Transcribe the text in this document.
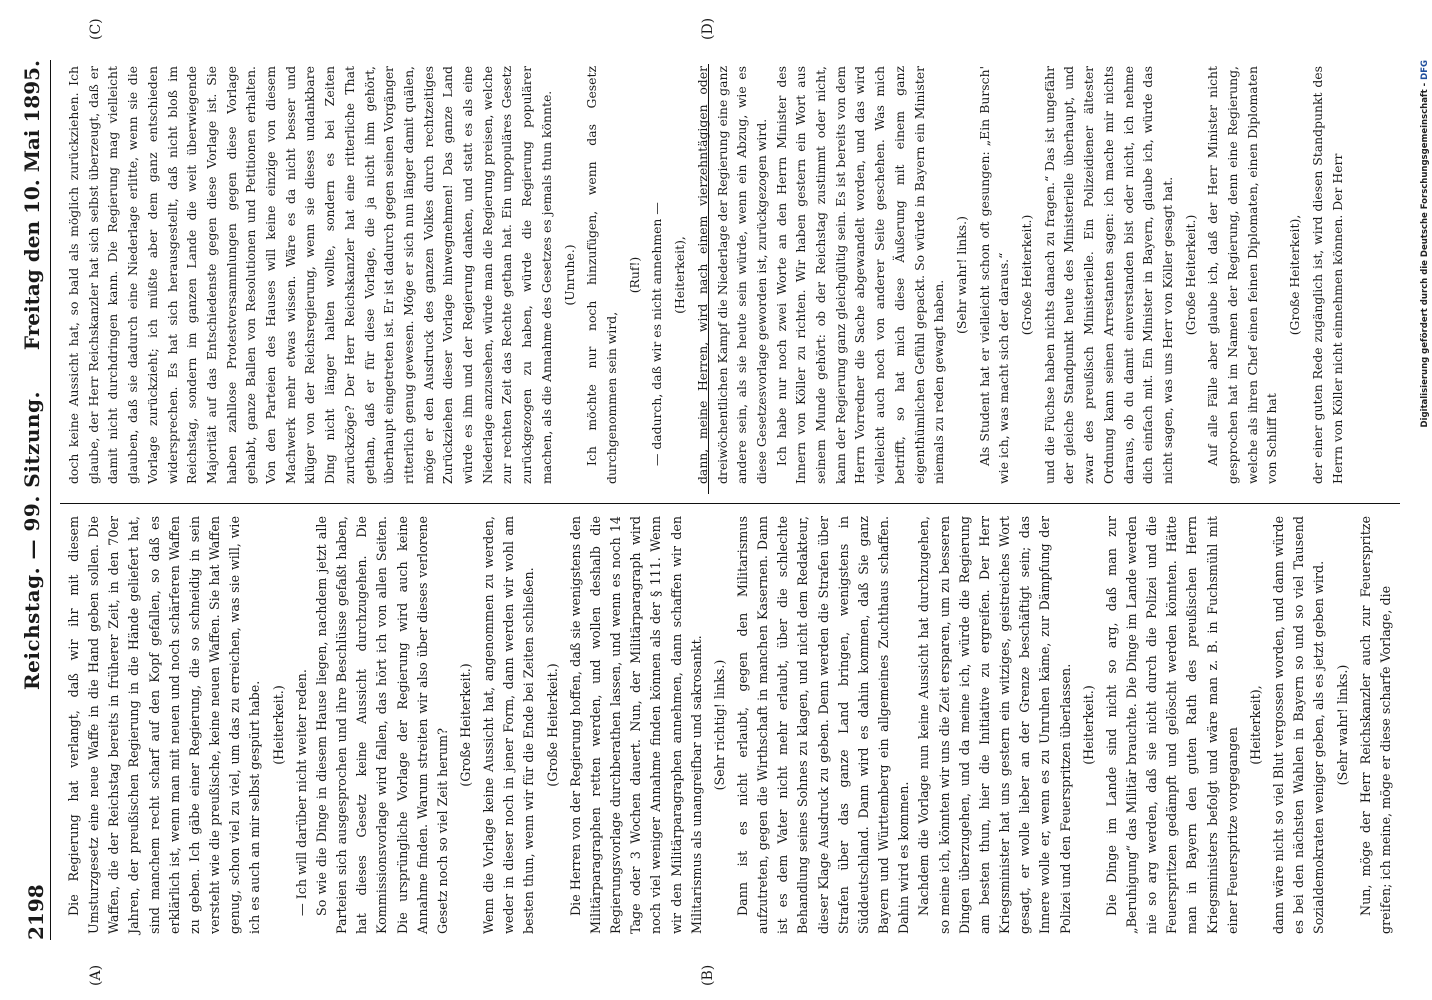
2198
Reichstag. — 99. Sitzung.
Freitag den 10. Mai 1895.
(A)	(B)
(C)	(D)

Die Regierung hat verlangt, daß wir ihr mit diesem Umsturzgesetz eine neue Waffe in die Hand geben sollen. Die Waffen, die der Reichstag bereits in früherer Zeit, in den 70er Jahren, der preußischen Regierung in die Hände geliefert hat, sind manchem recht scharf auf den Kopf gefallen, so daß es erklärlich ist, wenn man mit neuen und noch schärferen Waffen zu geben. Ich gäbe einer Regierung, die so schneidig in sein versteht wie die preußische, keine neuen Waffen. Sie hat Waffen genug, schon viel zu viel, um das zu erreichen, was sie will, wie ich es auch an mir selbst gespürt habe. (Heiterkeit.) — Ich will darüber nicht weiter reden. So wie die Dinge in diesem Hause liegen, nachdem jetzt alle Parteien sich ausgesprochen und ihre Beschlüsse gefaßt haben, hat dieses Gesetz keine Aussicht durchzugehen. Die Kommissionsvorlage wird fallen, das hört ich von allen Seiten. Die ursprüngliche Vorlage der Regierung wird auch keine Annahme finden. Warum streiten wir also über dieses verlorene Gesetz noch so viel Zeit herum?

(Große Heiterkeit.) Wenn die Vorlage keine Aussicht hat, angenommen zu werden, weder in dieser noch in jener Form, dann werden wir wohl am besten thun, wenn wir für die Ende bei Zeiten schließen. (Große Heiterkeit.) Die Herren von der Regierung hoffen, daß sie wenigstens den Militärparagraphen retten werden, und wollen deshalb die Regierungsvorlage durchberathen lassen, und wenn es noch 14 Tage oder 3 Wochen dauert. Nun, der Militärparagraph wird noch viel weniger Annahme finden können als der § 111. Wenn wir den Militärparagraphen annehmen, dann schaffen wir den Militarismus als unangreifbar und sakrosankt. (Sehr richtig! links.) Dann ist es nicht erlaubt, gegen den Militarismus aufzutreten, gegen die Wirthschaft in manchen Kasernen. Dann ist es dem Vater nicht mehr erlaubt, über die schlechte Behandlung seines Sohnes zu klagen, und nicht dem Redakteur, dieser Klage Ausdruck zu geben. Denn werden die Strafen über Strafen über das ganze Land bringen, wenigstens in Süddeutschland. Dann wird es dahin kommen, daß Sie ganz Bayern und Württemberg ein allgemeines Zuchthaus schaffen. Dahin wird es kommen. Nachdem die Vorlage nun keine Aussicht hat durchzugehen, so meine ich, könnten wir uns die Zeit ersparen, um zu besseren Dingen überzugehen, und da meine ich, würde die Regierung am besten thun, hier die Initiative zu ergreifen. Der Herr Kriegsminister hat uns gestern ein witziges, geistreiches Wort gesagt, er wolle lieber an der Grenze beschäftigt sein; das Innere wolle er, wenn es zu Unruhen käme, zur Dämpfung der Polizei und den Feuerspritzen überlassen. (Heiterkeit.) Die Dinge im Lande sind nicht so arg, daß man zur „Beruhigung“ das Militär brauchte. Die Dinge im Lande werden nie so arg werden, daß sie nicht durch die Polizei und die Feuerspritzen gedämpft und gelöscht werden könnten. Hätte man in Bayern den guten Rath des preußischen Herrn Kriegsministers befolgt und wäre man z. B. in Fuchsmühl mit einer Feuerspritze vorgegangen

(Heiterkeit), dann wäre nicht so viel Blut vergossen worden, und dann würde es bei den nächsten Wahlen in Bayern so und so viel Tausend Sozialdemokraten weniger geben, als es jetzt geben wird. (Sehr wahr! links.) Nun, möge der Herr Reichskanzler auch zur Feuerspritze greifen; ich meine, möge er diese scharfe Vorlage, die

doch keine Aussicht hat, so bald als möglich zurückziehen. Ich glaube, der Herr Reichskanzler hat sich selbst überzeugt, daß er damit nicht durchdringen kann. Die Regierung mag vielleicht glauben, daß sie dadurch eine Niederlage erlitte, wenn sie die Vorlage zurückzieht; ich müßte aber dem ganz entschieden widersprechen. Es hat sich herausgestellt, daß nicht bloß im Reichstag, sondern im ganzen Lande die weit überwiegende Majorität auf das Entschiedenste gegen diese Vorlage ist. Sie haben zahllose Protestversammlungen gegen diese Vorlage gehabt, ganze Ballen von Resolutionen und Petitionen erhalten. Von den Parteien des Hauses will keine einzige von diesem Machwerk mehr etwas wissen. Wäre es da nicht besser und klüger von der Reichsregierung, wenn sie dieses undankbare Ding nicht länger halten wollte, sondern es bei Zeiten zurückzöge? Der Herr Reichskanzler hat eine ritterliche That gethan, daß er für diese Vorlage, die ja nicht ihm gehört, überhaupt eingetreten ist. Er ist dadurch gegen seinen Vorgänger ritterlich genug gewesen. Möge er sich nun länger damit quälen, möge er den Ausdruck des ganzen Volkes durch rechtzeitiges Zurückziehen dieser Vorlage hinwegnehmen! Das ganze Land würde es ihm und der Regierung danken, und statt es als eine Niederlage anzusehen, würde man die Regierung preisen, welche zur rechten Zeit das Rechte gethan hat. Ein unpopuläres Gesetz zurückgezogen zu haben, würde die Regierung populärer machen, als die Annahme des Gesetzes es jemals thun könnte. (Unruhe.) Ich möchte nur noch hinzufügen, wenn das Gesetz durchgenommen sein wird,

(Ruf!) — dadurch, daß wir es nicht annehmen — (Heiterkeit), dann, meine Herren, wird nach einem vierzehntägigen oder dreiwöchentlichen Kampf die Niederlage der Regierung eine ganz andere sein, als sie heute sein würde, wenn ein Abzug, wie es diese Gesetzesvorlage geworden ist, zurückgezogen wird. Ich habe nur noch zwei Worte an den Herrn Minister des Innern von Köller zu richten. Wir haben gestern ein Wort aus seinem Munde gehört: ob der Reichstag zustimmt oder nicht, kann der Regierung ganz gleichgültig sein. Es ist bereits von dem Herrn Vorredner die Sache abgewandelt worden, und das wird vielleicht auch noch von anderer Seite geschehen. Was mich betrifft, so hat mich diese Äußerung mit einem ganz eigenthümlichen Gefühl gepackt. So würde in Bayern ein Minister niemals zu reden gewagt haben.

(Sehr wahr! links.) Als Student hat er vielleicht schon oft gesungen: „Ein Bursch' wie ich, was macht sich der daraus.“ (Große Heiterkeit.) und die Füchse haben nichts danach zu fragen.“ Das ist ungefähr der gleiche Standpunkt heute des Ministerielle überhaupt, und zwar des preußisch Ministerielle. Ein Polizeidiener ältester Ordnung kann seinen Arrestanten sagen: ich mache mir nichts daraus, ob du damit einverstanden bist oder nicht, ich nehme dich einfach mit. Ein Minister in Bayern, glaube ich, würde das nicht sagen, was uns Herr von Köller gesagt hat. (Große Heiterkeit.) Auf alle Fälle aber glaube ich, daß der Herr Minister nicht gesprochen hat im Namen der Regierung, denn eine Regierung, welche als ihren Chef einen feinen Diplomaten, einen Diplomaten von Schliff hat

(Große Heiterkeit), der einer guten Rede zugänglich ist, wird diesen Standpunkt des Herrn von Köller nicht einnehmen können. Der Herr	Digitalisierung gefördert durch die Deutsche Forschungsgemeinschaft - DFG
